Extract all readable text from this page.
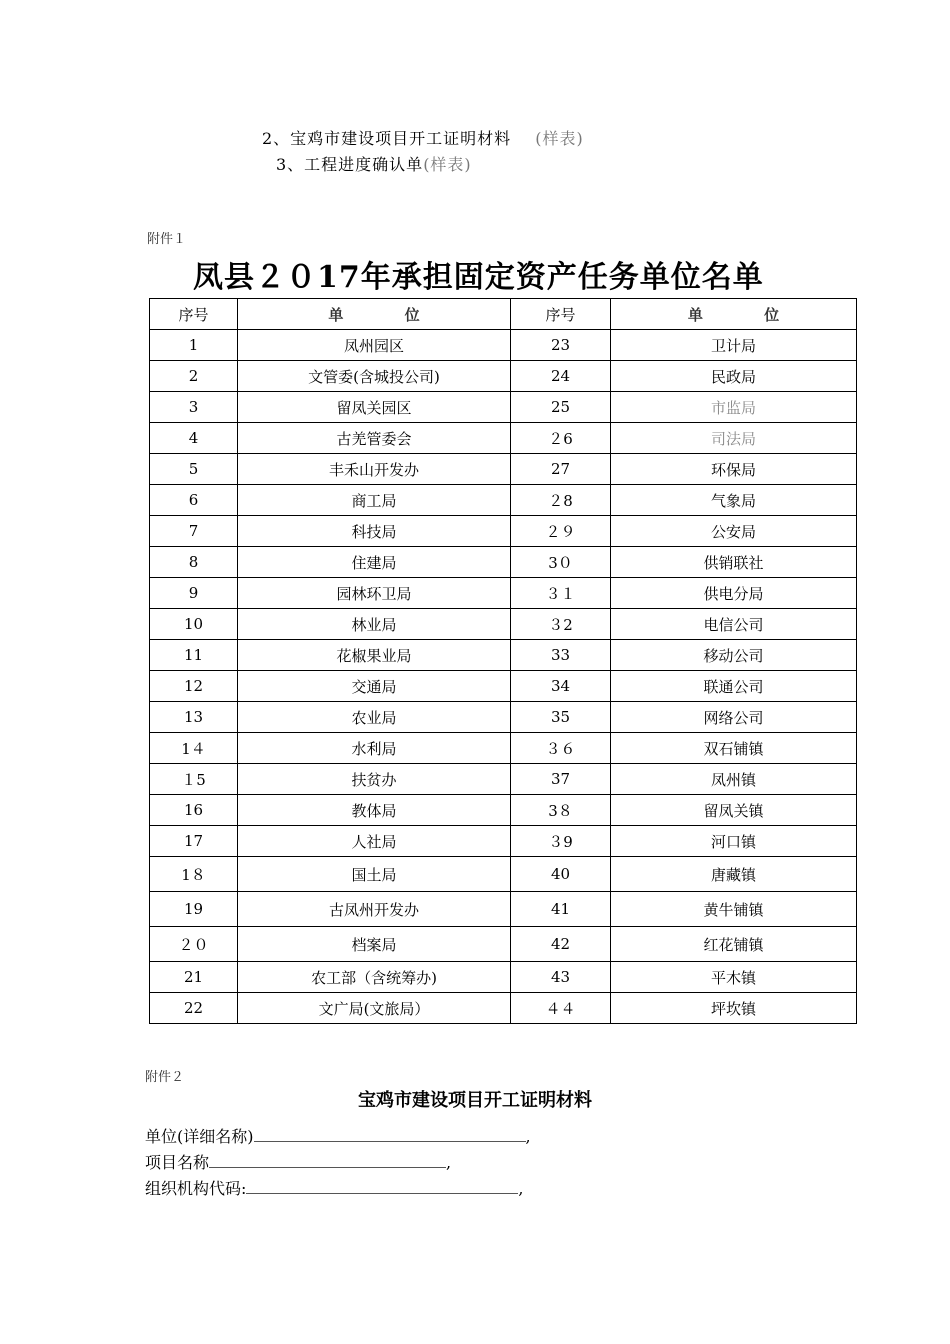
2、宝鸡市建设项目开工证明材料 (样表)
3、工程进度确认单(样表)
附件１
凤县２０17年承担固定资产任务单位名单
序号	单 位	序号	单 位
1	凤州园区	23	卫计局
2	文管委(含城投公司)	24	民政局
3	留凤关园区	25	市监局
4	古羌管委会	２6	司法局
5	丰禾山开发办	27	环保局
6	商工局	２8	气象局
7	科技局	２９	公安局
8	住建局	3０	供销联社
9	园林环卫局	３１	供电分局
10	林业局	３2	电信公司
11	花椒果业局	33	移动公司
12	交通局	34	联通公司
13	农业局	35	网络公司
1４	水利局	３６	双石铺镇
１5	扶贫办	37	凤州镇
16	教体局	3８	留凤关镇
17	人社局	３9	河口镇
1８	国土局	40	唐藏镇
19	古凤州开发办	41	黄牛铺镇
２０	档案局	42	红花铺镇
21	农工部（含统筹办)	43	平木镇
22	文广局(文旅局）	４４	坪坎镇
附件２
宝鸡市建设项目开工证明材料
单位(详细名称)	,
项目名称	,
组织机构代码:	,
